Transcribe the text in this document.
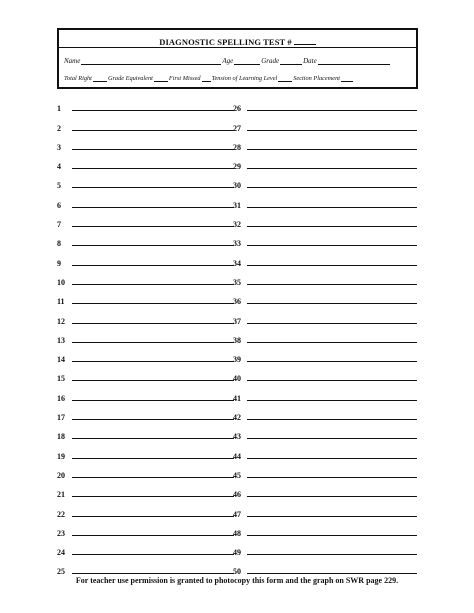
DIAGNOSTIC SPELLING TEST #
Name	Age	Grade	Date
Total Right	Grade Equivalent	First Missed Tension of Learning Level	Section Placement
1
2
3
4
5
6
7
8
9
10
11
12
13
14
15
16
17
18
19
20
21
22
23
24
25
26
27
28
29
30
31
32
33
34
35
36
37
38
39
40
41
42
43
44
45
46
47
48
49
50
For teacher use permission is granted to photocopy this form and the graph on SWR page 229.
